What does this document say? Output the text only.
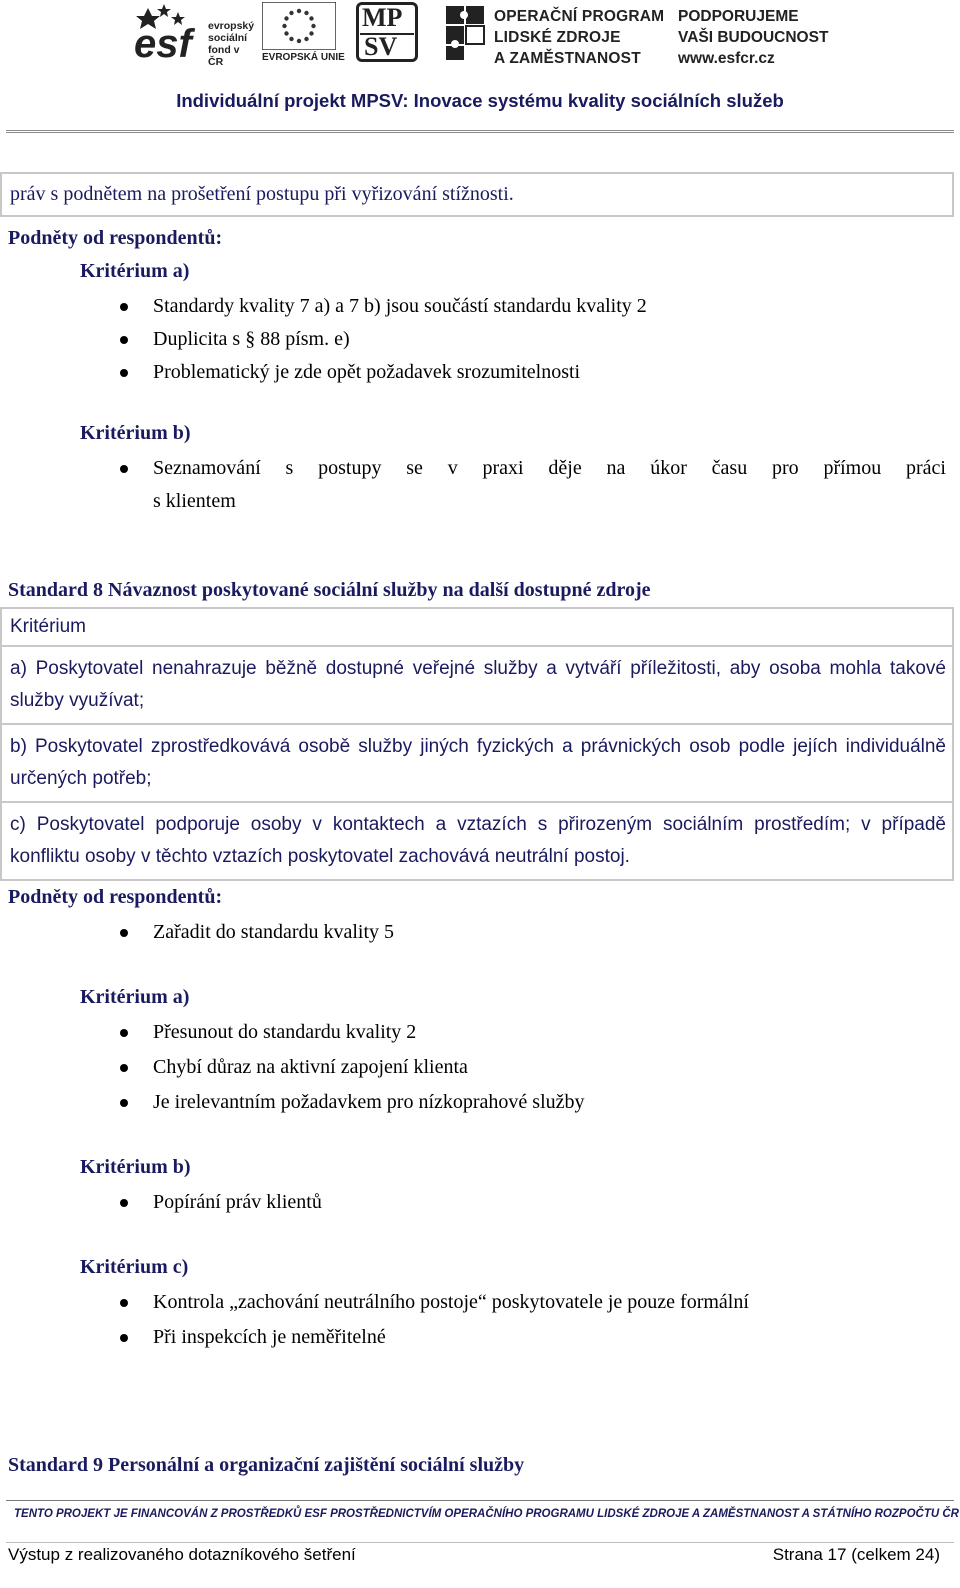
esf evropský
sociální
fond v ČR	EVROPSKÁ UNIE
MP
SV
OPERAČNÍ PROGRAM
LIDSKÉ ZDROJE
A ZAMĚSTNANOST
PODPORUJEME
VAŠI BUDOUCNOST
www.esfcr.cz
Individuální projekt MPSV: Inovace systému kvality sociálních služeb
práv s podnětem na prošetření postupu při vyřizování stížnosti.
Podněty od respondentů:
Kritérium a)
Standardy kvality 7 a) a 7 b) jsou součástí standardu kvality 2
Duplicita s § 88 písm. e)
Problematický je zde opět požadavek srozumitelnosti
Kritérium b)
Seznamování s postupy se v praxi děje na úkor času pro přímou práci
s klientem
Standard 8 Návaznost poskytované sociální služby na další dostupné zdroje
Kritérium
a) Poskytovatel nenahrazuje běžně dostupné veřejné služby a vytváří příležitosti, aby osoba mohla takové služby využívat;
b) Poskytovatel zprostředkovává osobě služby jiných fyzických a právnických osob podle jejích individuálně určených potřeb;
c) Poskytovatel podporuje osoby v kontaktech a vztazích s přirozeným sociálním prostředím; v případě konfliktu osoby v těchto vztazích poskytovatel zachovává neutrální postoj.
Podněty od respondentů:
Zařadit do standardu kvality 5
Kritérium a)
Přesunout do standardu kvality 2
Chybí důraz na aktivní zapojení klienta
Je irelevantním požadavkem pro nízkoprahové služby
Kritérium b)
Popírání práv klientů
Kritérium c)
Kontrola „zachování neutrálního postoje“ poskytovatele je pouze formální
Při inspekcích je neměřitelné
Standard 9 Personální a organizační zajištění sociální služby
TENTO PROJEKT JE FINANCOVÁN Z PROSTŘEDKŮ ESF PROSTŘEDNICTVÍM OPERAČNÍHO PROGRAMU LIDSKÉ ZDROJE A ZAMĚSTNANOST A STÁTNÍHO ROZPOČTU ČR
Výstup z realizovaného dotazníkového šetření	Strana 17 (celkem 24)
